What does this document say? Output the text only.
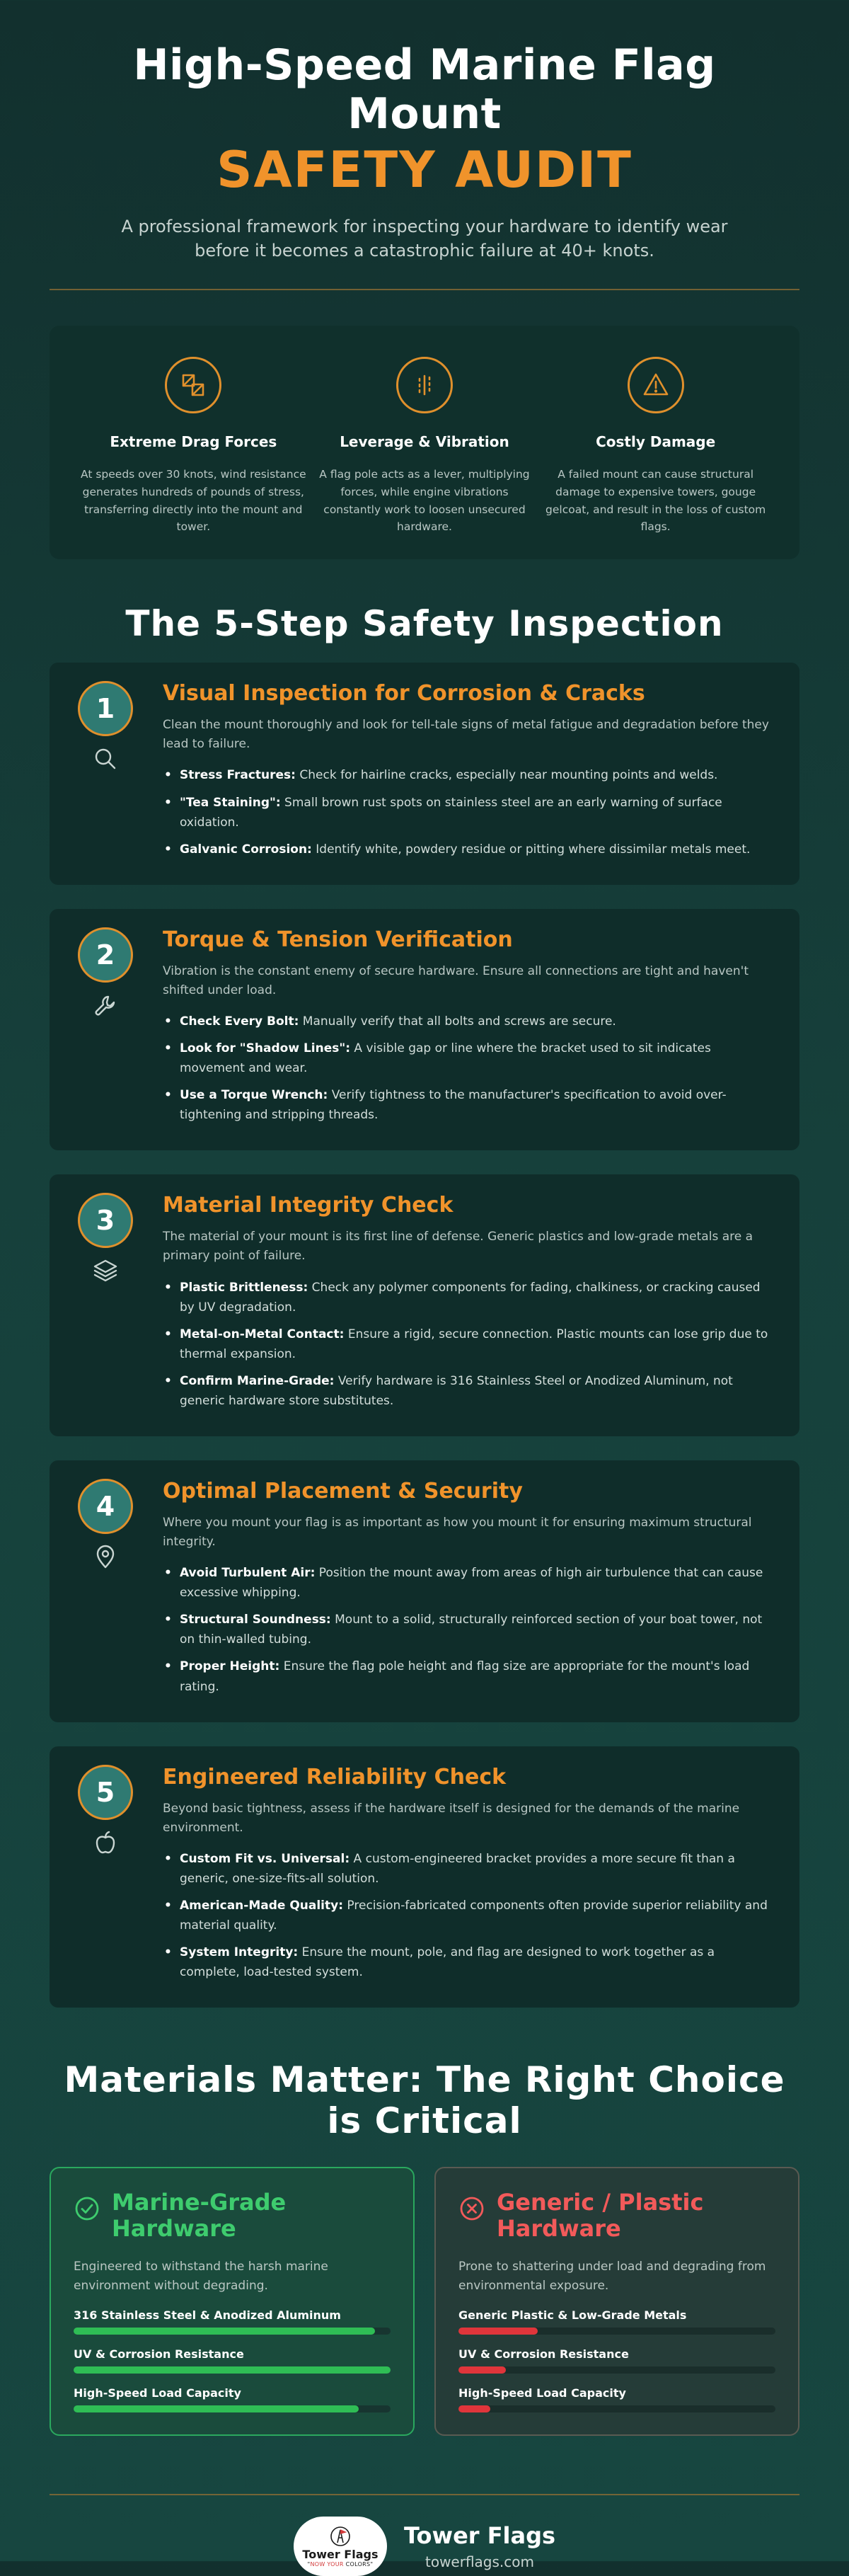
High-Speed Marine Flag Mount
SAFETY AUDIT

A professional framework for inspecting your hardware to identify wear before it becomes a catastrophic failure at 40+ knots.

Extreme Drag Forces

At speeds over 30 knots, wind resistance generates hundreds of pounds of stress, transferring directly into the mount and tower.

Leverage & Vibration

A flag pole acts as a lever, multiplying forces, while engine vibrations constantly work to loosen unsecured hardware.

Costly Damage

A failed mount can cause structural damage to expensive towers, gouge gelcoat, and result in the loss of custom flags.

The 5-Step Safety Inspection
1	Visual Inspection for Corrosion & Cracks

Clean the mount thoroughly and look for tell-tale signs of metal fatigue and degradation before they lead to failure.

• Stress Fractures: Check for hairline cracks, especially near mounting points and welds.
• "Tea Staining": Small brown rust spots on stainless steel are an early warning of surface oxidation.
• Galvanic Corrosion: Identify white, powdery residue or pitting where dissimilar metals meet.
2	Torque & Tension Verification

Vibration is the constant enemy of secure hardware. Ensure all connections are tight and haven't shifted under load.

• Check Every Bolt: Manually verify that all bolts and screws are secure.
• Look for "Shadow Lines": A visible gap or line where the bracket used to sit indicates movement and wear.
• Use a Torque Wrench: Verify tightness to the manufacturer's specification to avoid over-tightening and stripping threads.
3	Material Integrity Check

The material of your mount is its first line of defense. Generic plastics and low-grade metals are a primary point of failure.

• Plastic Brittleness: Check any polymer components for fading, chalkiness, or cracking caused by UV degradation.
• Metal-on-Metal Contact: Ensure a rigid, secure connection. Plastic mounts can lose grip due to thermal expansion.
• Confirm Marine-Grade: Verify hardware is 316 Stainless Steel or Anodized Aluminum, not generic hardware store substitutes.
4	Optimal Placement & Security

Where you mount your flag is as important as how you mount it for ensuring maximum structural integrity.

• Avoid Turbulent Air: Position the mount away from areas of high air turbulence that can cause excessive whipping.
• Structural Soundness: Mount to a solid, structurally reinforced section of your boat tower, not on thin-walled tubing.
• Proper Height: Ensure the flag pole height and flag size are appropriate for the mount's load rating.
5	Engineered Reliability Check

Beyond basic tightness, assess if the hardware itself is designed for the demands of the marine environment.

• Custom Fit vs. Universal: A custom-engineered bracket provides a more secure fit than a generic, one-size-fits-all solution.
• American-Made Quality: Precision-fabricated components often provide superior reliability and material quality.
• System Integrity: Ensure the mount, pole, and flag are designed to work together as a complete, load-tested system.
Materials Matter: The Right Choice is Critical
Marine-Grade Hardware

Engineered to withstand the harsh marine environment without degrading.

316 Stainless Steel & Anodized Aluminum
UV & Corrosion Resistance
High-Speed Load Capacity
Generic / Plastic Hardware

Prone to shattering under load and degrading from environmental exposure.

Generic Plastic & Low-Grade Metals
UV & Corrosion Resistance
High-Speed Load Capacity
Tower Flags
"NOW YOUR COLORS"
Tower Flags
towerflags.com
